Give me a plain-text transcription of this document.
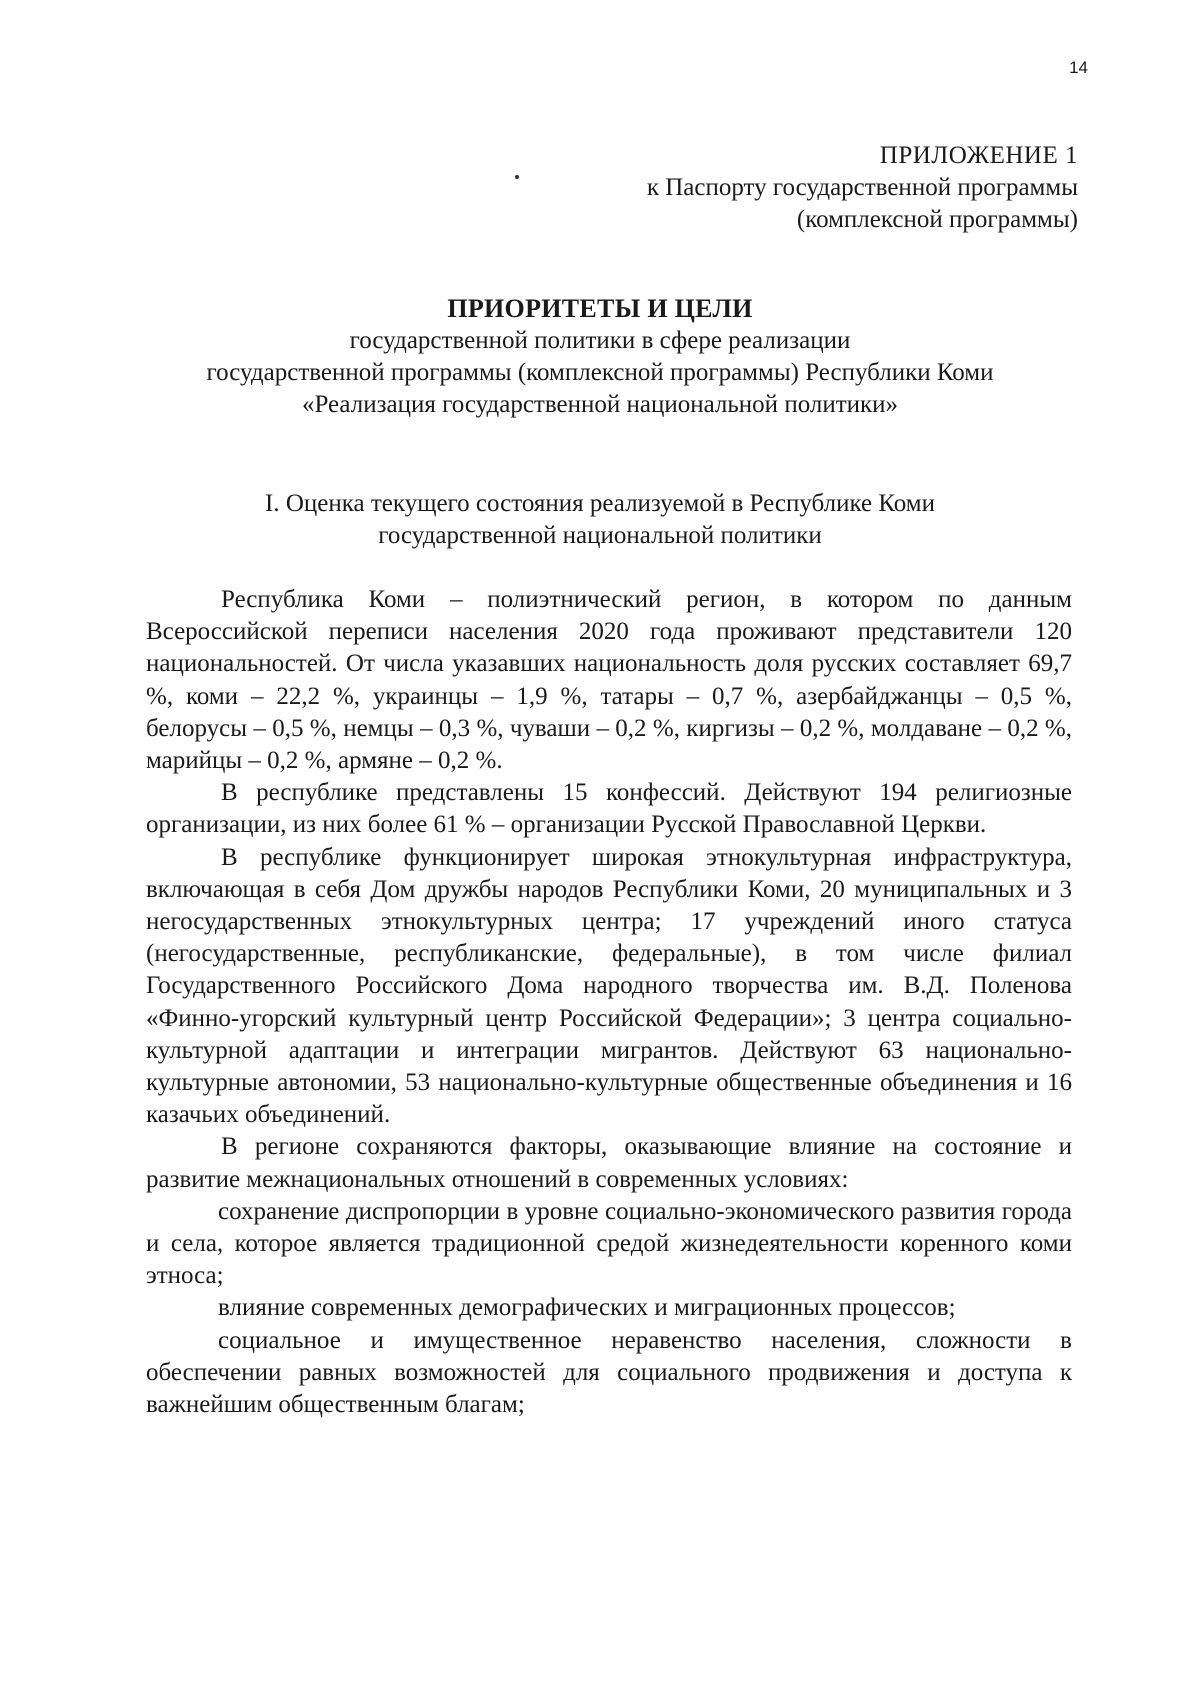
14
ПРИЛОЖЕНИЕ 1
к Паспорту государственной программы
(комплексной программы)
ПРИОРИТЕТЫ И ЦЕЛИ
государственной политики в сфере реализации
государственной программы (комплексной программы) Республики Коми
«Реализация государственной национальной политики»
I. Оценка текущего состояния реализуемой в Республике Коми
государственной национальной политики

Республика Коми – полиэтнический регион, в котором по данным Всероссийской переписи населения 2020 года проживают представители 120 национальностей. От числа указавших национальность доля русских составляет 69,7 %, коми – 22,2 %, украинцы – 1,9 %, татары – 0,7 %, азербайджанцы – 0,5 %, белорусы – 0,5 %, немцы – 0,3 %, чуваши – 0,2 %, киргизы – 0,2 %, молдаване – 0,2 %, марийцы – 0,2 %, армяне – 0,2 %.

В республике представлены 15 конфессий. Действуют 194 религиозные организации, из них более 61 % – организации Русской Православной Церкви.

В республике функционирует широкая этнокультурная инфраструктура, включающая в себя Дом дружбы народов Республики Коми, 20 муниципальных и 3 негосударственных этнокультурных центра; 17 учреждений иного статуса (негосударственные, республиканские, федеральные), в том числе филиал Государственного Российского Дома народного творчества им. В.Д. Поленова «Финно-угорский культурный центр Российской Федерации»; 3 центра социально-культурной адаптации и интеграции мигрантов. Действуют 63 национально-культурные автономии, 53 национально-культурные общественные объединения и 16 казачьих объединений.

В регионе сохраняются факторы, оказывающие влияние на состояние и развитие межнациональных отношений в современных условиях:

сохранение диспропорции в уровне социально-экономического развития города и села, которое является традиционной средой жизнедеятельности коренного коми этноса;

влияние современных демографических и миграционных процессов;

социальное и имущественное неравенство населения, сложности в обеспечении равных возможностей для социального продвижения и доступа к важнейшим общественным благам;
